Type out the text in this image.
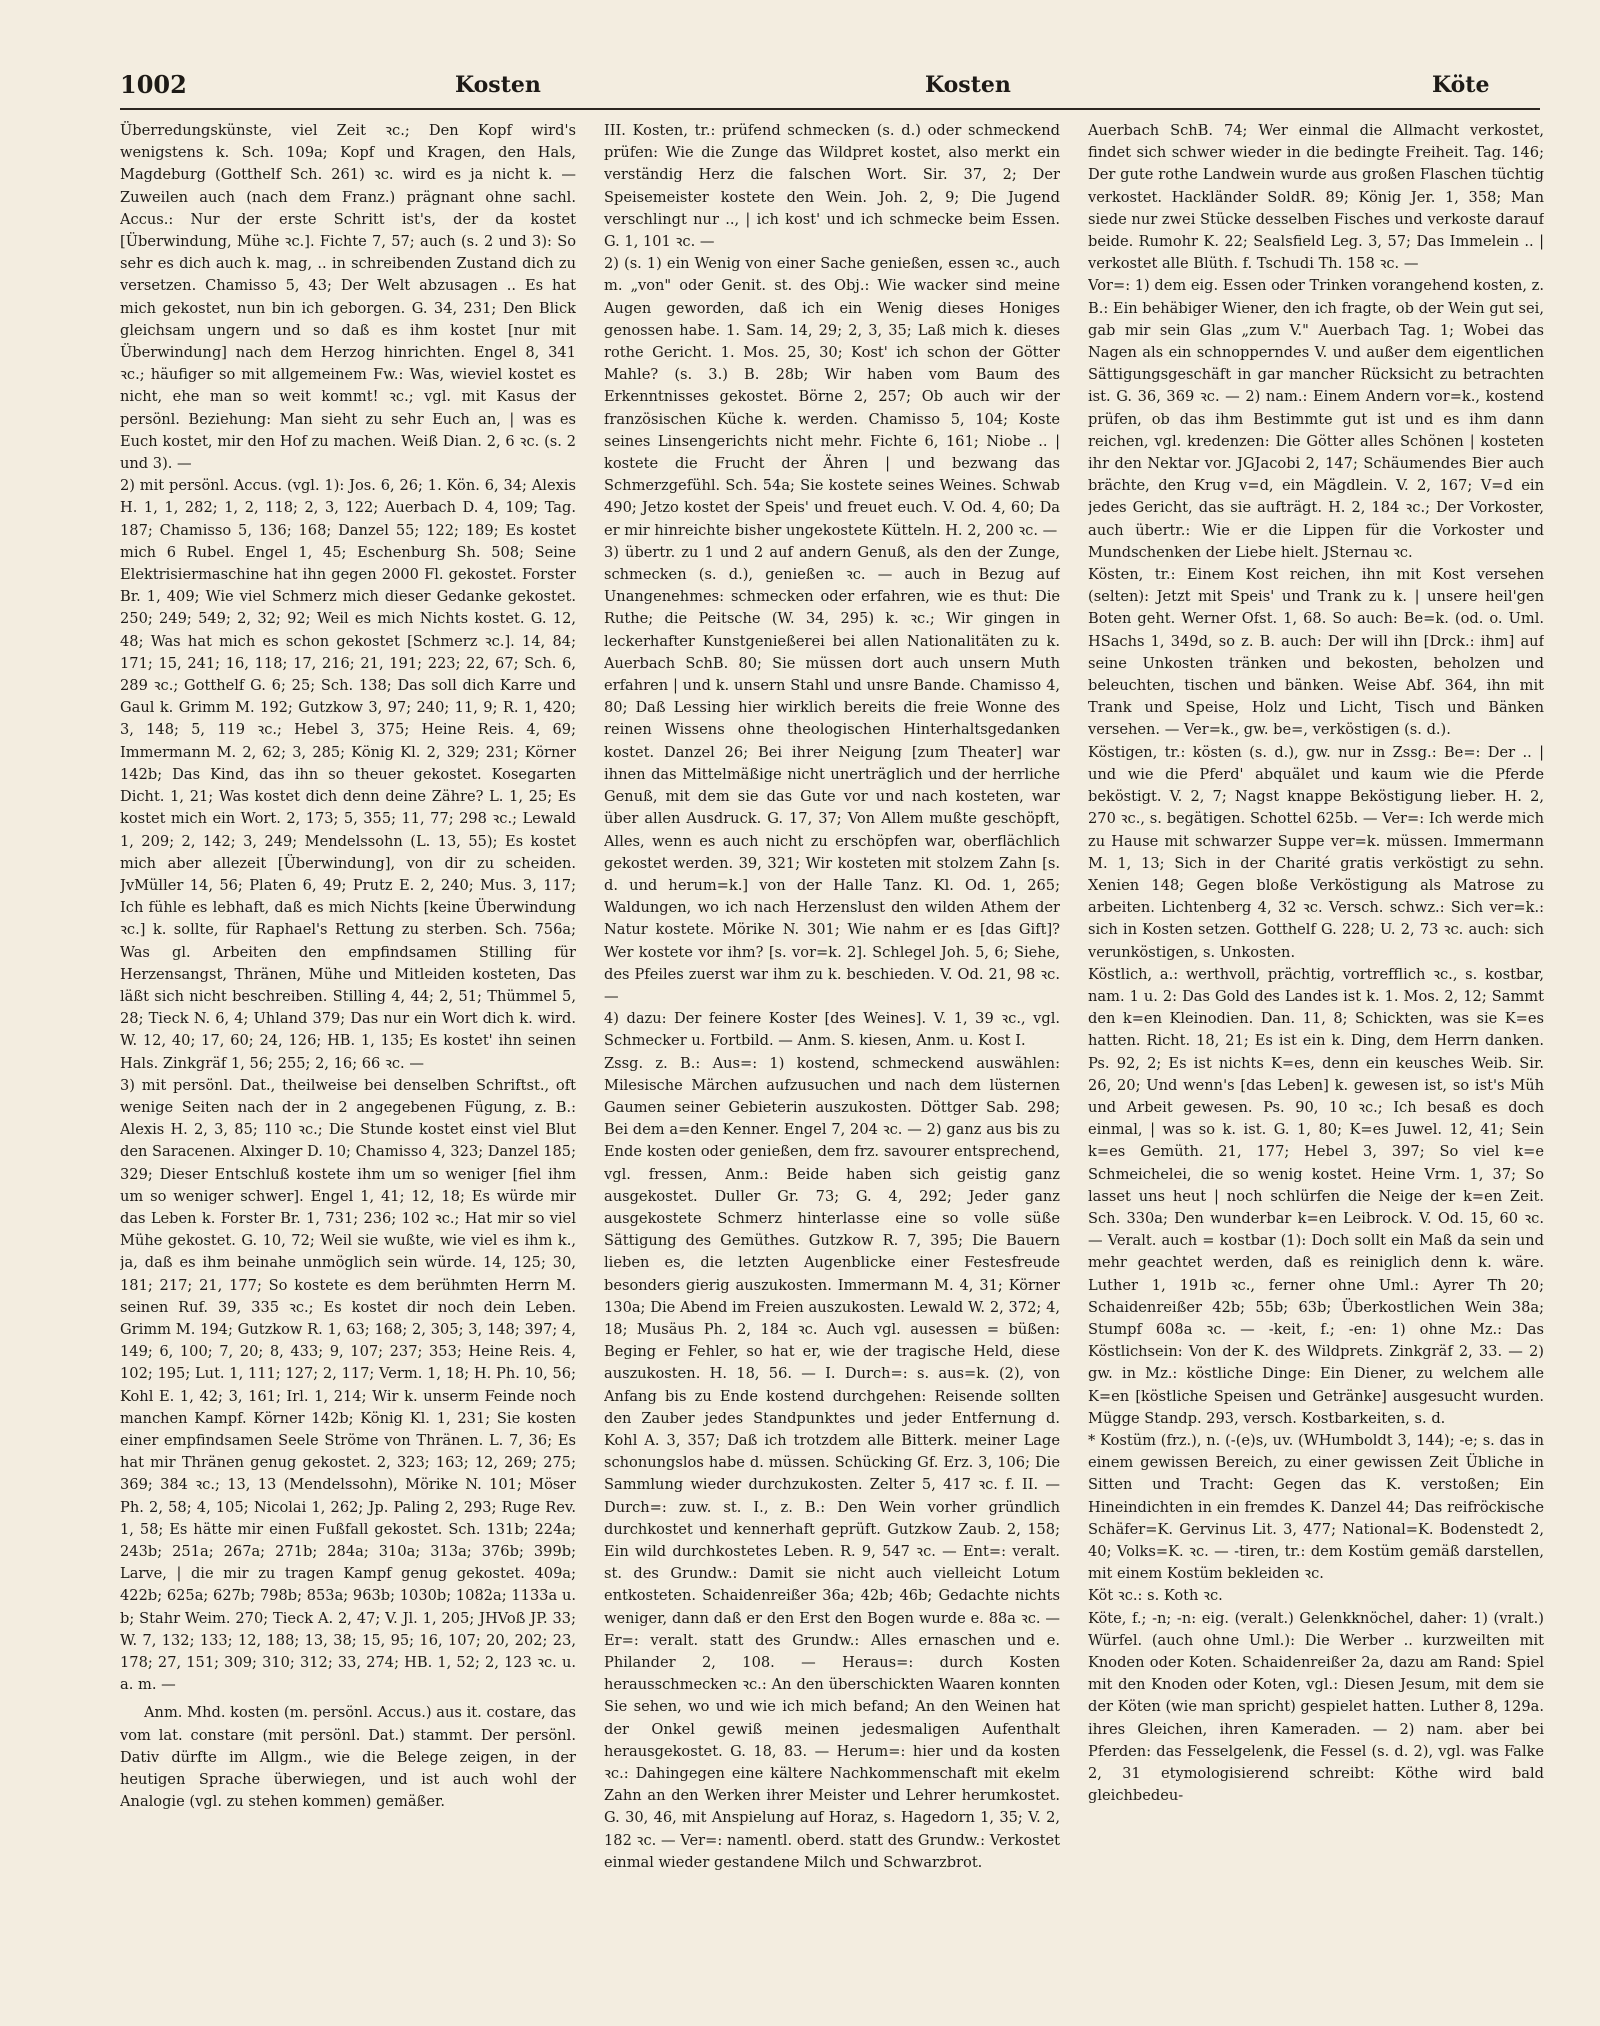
1002	Kosten	Kosten	Köte

Überredungskünste, viel Zeit ꝛc.; Den Kopf wird's wenigstens k. Sch. 109a; Kopf und Kragen, den Hals, Magdeburg (Gotthelf Sch. 261) ꝛc. wird es ja nicht k. — Zuweilen auch (nach dem Franz.) prägnant ohne sachl. Accus.: Nur der erste Schritt ist's, der da kostet [Überwindung, Mühe ꝛc.]. Fichte 7, 57; auch (s. 2 und 3): So sehr es dich auch k. mag, .. in schreibenden Zustand dich zu versetzen. Chamisso 5, 43; Der Welt abzusagen .. Es hat mich gekostet, nun bin ich geborgen. G. 34, 231; Den Blick gleichsam ungern und so daß es ihm kostet [nur mit Überwindung] nach dem Herzog hinrichten. Engel 8, 341 ꝛc.; häufiger so mit allgemeinem Fw.: Was, wieviel kostet es nicht, ehe man so weit kommt! ꝛc.; vgl. mit Kasus der persönl. Beziehung: Man sieht zu sehr Euch an, | was es Euch kostet, mir den Hof zu machen. Weiß Dian. 2, 6 ꝛc. (s. 2 und 3). —

2) mit persönl. Accus. (vgl. 1): Jos. 6, 26; 1. Kön. 6, 34; Alexis H. 1, 1, 282; 1, 2, 118; 2, 3, 122; Auerbach D. 4, 109; Tag. 187; Chamisso 5, 136; 168; Danzel 55; 122; 189; Es kostet mich 6 Rubel. Engel 1, 45; Eschenburg Sh. 508; Seine Elektrisiermaschine hat ihn gegen 2000 Fl. gekostet. Forster Br. 1, 409; Wie viel Schmerz mich dieser Gedanke gekostet. 250; 249; 549; 2, 32; 92; Weil es mich Nichts kostet. G. 12, 48; Was hat mich es schon gekostet [Schmerz ꝛc.]. 14, 84; 171; 15, 241; 16, 118; 17, 216; 21, 191; 223; 22, 67; Sch. 6, 289 ꝛc.; Gotthelf G. 6; 25; Sch. 138; Das soll dich Karre und Gaul k. Grimm M. 192; Gutzkow 3, 97; 240; 11, 9; R. 1, 420; 3, 148; 5, 119 ꝛc.; Hebel 3, 375; Heine Reis. 4, 69; Immermann M. 2, 62; 3, 285; König Kl. 2, 329; 231; Körner 142b; Das Kind, das ihn so theuer gekostet. Kosegarten Dicht. 1, 21; Was kostet dich denn deine Zähre? L. 1, 25; Es kostet mich ein Wort. 2, 173; 5, 355; 11, 77; 298 ꝛc.; Lewald 1, 209; 2, 142; 3, 249; Mendelssohn (L. 13, 55); Es kostet mich aber allezeit [Überwindung], von dir zu scheiden. JvMüller 14, 56; Platen 6, 49; Prutz E. 2, 240; Mus. 3, 117; Ich fühle es lebhaft, daß es mich Nichts [keine Überwindung ꝛc.] k. sollte, für Raphael's Rettung zu sterben. Sch. 756a; Was gl. Arbeiten den empfindsamen Stilling für Herzensangst, Thränen, Mühe und Mitleiden kosteten, Das läßt sich nicht beschreiben. Stilling 4, 44; 2, 51; Thümmel 5, 28; Tieck N. 6, 4; Uhland 379; Das nur ein Wort dich k. wird. W. 12, 40; 17, 60; 24, 126; HB. 1, 135; Es kostet' ihn seinen Hals. Zinkgräf 1, 56; 255; 2, 16; 66 ꝛc. —

3) mit persönl. Dat., theilweise bei denselben Schriftst., oft wenige Seiten nach der in 2 angegebenen Fügung, z. B.: Alexis H. 2, 3, 85; 110 ꝛc.; Die Stunde kostet einst viel Blut den Saracenen. Alxinger D. 10; Chamisso 4, 323; Danzel 185; 329; Dieser Entschluß kostete ihm um so weniger [fiel ihm um so weniger schwer]. Engel 1, 41; 12, 18; Es würde mir das Leben k. Forster Br. 1, 731; 236; 102 ꝛc.; Hat mir so viel Mühe gekostet. G. 10, 72; Weil sie wußte, wie viel es ihm k., ja, daß es ihm beinahe unmöglich sein würde. 14, 125; 30, 181; 217; 21, 177; So kostete es dem berühmten Herrn M. seinen Ruf. 39, 335 ꝛc.; Es kostet dir noch dein Leben. Grimm M. 194; Gutzkow R. 1, 63; 168; 2, 305; 3, 148; 397; 4, 149; 6, 100; 7, 20; 8, 433; 9, 107; 237; 353; Heine Reis. 4, 102; 195; Lut. 1, 111; 127; 2, 117; Verm. 1, 18; H. Ph. 10, 56; Kohl E. 1, 42; 3, 161; Irl. 1, 214; Wir k. unserm Feinde noch manchen Kampf. Körner 142b; König Kl. 1, 231; Sie kosten einer empfindsamen Seele Ströme von Thränen. L. 7, 36; Es hat mir Thränen genug gekostet. 2, 323; 163; 12, 269; 275; 369; 384 ꝛc.; 13, 13 (Mendelssohn), Mörike N. 101; Möser Ph. 2, 58; 4, 105; Nicolai 1, 262; Jp. Paling 2, 293; Ruge Rev. 1, 58; Es hätte mir einen Fußfall gekostet. Sch. 131b; 224a; 243b; 251a; 267a; 271b; 284a; 310a; 313a; 376b; 399b; Larve, | die mir zu tragen Kampf genug gekostet. 409a; 422b; 625a; 627b; 798b; 853a; 963b; 1030b; 1082a; 1133a u. b; Stahr Weim. 270; Tieck A. 2, 47; V. Jl. 1, 205; JHVoß JP. 33; W. 7, 132; 133; 12, 188; 13, 38; 15, 95; 16, 107; 20, 202; 23, 178; 27, 151; 309; 310; 312; 33, 274; HB. 1, 52; 2, 123 ꝛc. u. a. m. —

Anm. Mhd. kosten (m. persönl. Accus.) aus it. costare, das vom lat. constare (mit persönl. Dat.) stammt. Der persönl. Dativ dürfte im Allgm., wie die Belege zeigen, in der heutigen Sprache überwiegen, und ist auch wohl der Analogie (vgl. zu stehen kommen) gemäßer.

III. Kosten, tr.: prüfend schmecken (s. d.) oder schmeckend prüfen: Wie die Zunge das Wildpret kostet, also merkt ein verständig Herz die falschen Wort. Sir. 37, 2; Der Speisemeister kostete den Wein. Joh. 2, 9; Die Jugend verschlingt nur .., | ich kost' und ich schmecke beim Essen. G. 1, 101 ꝛc. —

2) (s. 1) ein Wenig von einer Sache genießen, essen ꝛc., auch m. „von" oder Genit. st. des Obj.: Wie wacker sind meine Augen geworden, daß ich ein Wenig dieses Honiges genossen habe. 1. Sam. 14, 29; 2, 3, 35; Laß mich k. dieses rothe Gericht. 1. Mos. 25, 30; Kost' ich schon der Götter Mahle? (s. 3.) B. 28b; Wir haben vom Baum des Erkenntnisses gekostet. Börne 2, 257; Ob auch wir der französischen Küche k. werden. Chamisso 5, 104; Koste seines Linsengerichts nicht mehr. Fichte 6, 161; Niobe .. | kostete die Frucht der Ähren | und bezwang das Schmerzgefühl. Sch. 54a; Sie kostete seines Weines. Schwab 490; Jetzo kostet der Speis' und freuet euch. V. Od. 4, 60; Da er mir hinreichte bisher ungekostete Kütteln. H. 2, 200 ꝛc. —

3) übertr. zu 1 und 2 auf andern Genuß, als den der Zunge, schmecken (s. d.), genießen ꝛc. — auch in Bezug auf Unangenehmes: schmecken oder erfahren, wie es thut: Die Ruthe; die Peitsche (W. 34, 295) k. ꝛc.; Wir gingen in leckerhafter Kunstgenießerei bei allen Nationalitäten zu k. Auerbach SchB. 80; Sie müssen dort auch unsern Muth erfahren | und k. unsern Stahl und unsre Bande. Chamisso 4, 80; Daß Lessing hier wirklich bereits die freie Wonne des reinen Wissens ohne theologischen Hinterhaltsgedanken kostet. Danzel 26; Bei ihrer Neigung [zum Theater] war ihnen das Mittelmäßige nicht unerträglich und der herrliche Genuß, mit dem sie das Gute vor und nach kosteten, war über allen Ausdruck. G. 17, 37; Von Allem mußte geschöpft, Alles, wenn es auch nicht zu erschöpfen war, oberflächlich gekostet werden. 39, 321; Wir kosteten mit stolzem Zahn [s. d. und herum=k.] von der Halle Tanz. Kl. Od. 1, 265; Waldungen, wo ich nach Herzenslust den wilden Athem der Natur kostete. Mörike N. 301; Wie nahm er es [das Gift]? Wer kostete vor ihm? [s. vor=k. 2]. Schlegel Joh. 5, 6; Siehe, des Pfeiles zuerst war ihm zu k. beschieden. V. Od. 21, 98 ꝛc. —

4) dazu: Der feinere Koster [des Weines]. V. 1, 39 ꝛc., vgl. Schmecker u. Fortbild. — Anm. S. kiesen, Anm. u. Kost I.

Zssg. z. B.: Aus=: 1) kostend, schmeckend auswählen: Milesische Märchen aufzusuchen und nach dem lüsternen Gaumen seiner Gebieterin auszukosten. Döttger Sab. 298; Bei dem a=den Kenner. Engel 7, 204 ꝛc. — 2) ganz aus bis zu Ende kosten oder genießen, dem frz. savourer entsprechend, vgl. fressen, Anm.: Beide haben sich geistig ganz ausgekostet. Duller Gr. 73; G. 4, 292; Jeder ganz ausgekostete Schmerz hinterlasse eine so volle süße Sättigung des Gemüthes. Gutzkow R. 7, 395; Die Bauern lieben es, die letzten Augenblicke einer Festesfreude besonders gierig auszukosten. Immermann M. 4, 31; Körner 130a; Die Abend im Freien auszukosten. Lewald W. 2, 372; 4, 18; Musäus Ph. 2, 184 ꝛc. Auch vgl. ausessen = büßen: Beging er Fehler, so hat er, wie der tragische Held, diese auszukosten. H. 18, 56. — I. Durch=: s. aus=k. (2), von Anfang bis zu Ende kostend durchgehen: Reisende sollten den Zauber jedes Standpunktes und jeder Entfernung d. Kohl A. 3, 357; Daß ich trotzdem alle Bitterk. meiner Lage schonungslos habe d. müssen. Schücking Gf. Erz. 3, 106; Die Sammlung wieder durchzukosten. Zelter 5, 417 ꝛc. f. II. — Durch=: zuw. st. I., z. B.: Den Wein vorher gründlich durchkostet und kennerhaft geprüft. Gutzkow Zaub. 2, 158; Ein wild durchkostetes Leben. R. 9, 547 ꝛc. — Ent=: veralt. st. des Grundw.: Damit sie nicht auch vielleicht Lotum entkosteten. Schaidenreißer 36a; 42b; 46b; Gedachte nichts weniger, dann daß er den Erst den Bogen wurde e. 88a ꝛc. — Er=: veralt. statt des Grundw.: Alles ernaschen und e. Philander 2, 108. — Heraus=: durch Kosten herausschmecken ꝛc.: An den überschickten Waaren konnten Sie sehen, wo und wie ich mich befand; An den Weinen hat der Onkel gewiß meinen jedesmaligen Aufenthalt herausgekostet. G. 18, 83. — Herum=: hier und da kosten ꝛc.: Dahingegen eine kältere Nachkommenschaft mit ekelm Zahn an den Werken ihrer Meister und Lehrer herumkostet. G. 30, 46, mit Anspielung auf Horaz, s. Hagedorn 1, 35; V. 2, 182 ꝛc. — Ver=: namentl. oberd. statt des Grundw.: Verkostet einmal wieder gestandene Milch und Schwarzbrot.

Auerbach SchB. 74; Wer einmal die Allmacht verkostet, findet sich schwer wieder in die bedingte Freiheit. Tag. 146; Der gute rothe Landwein wurde aus großen Flaschen tüchtig verkostet. Hackländer SoldR. 89; König Jer. 1, 358; Man siede nur zwei Stücke desselben Fisches und verkoste darauf beide. Rumohr K. 22; Sealsfield Leg. 3, 57; Das Immelein .. | verkostet alle Blüth. f. Tschudi Th. 158 ꝛc. —

Vor=: 1) dem eig. Essen oder Trinken vorangehend kosten, z. B.: Ein behäbiger Wiener, den ich fragte, ob der Wein gut sei, gab mir sein Glas „zum V." Auerbach Tag. 1; Wobei das Nagen als ein schnopperndes V. und außer dem eigentlichen Sättigungsgeschäft in gar mancher Rücksicht zu betrachten ist. G. 36, 369 ꝛc. — 2) nam.: Einem Andern vor=k., kostend prüfen, ob das ihm Bestimmte gut ist und es ihm dann reichen, vgl. kredenzen: Die Götter alles Schönen | kosteten ihr den Nektar vor. JGJacobi 2, 147; Schäumendes Bier auch brächte, den Krug v=d, ein Mägdlein. V. 2, 167; V=d ein jedes Gericht, das sie aufträgt. H. 2, 184 ꝛc.; Der Vorkoster, auch übertr.: Wie er die Lippen für die Vorkoster und Mundschenken der Liebe hielt. JSternau ꝛc.

Kösten, tr.: Einem Kost reichen, ihn mit Kost versehen (selten): Jetzt mit Speis' und Trank zu k. | unsere heil'gen Boten geht. Werner Ofst. 1, 68. So auch: Be=k. (od. o. Uml. HSachs 1, 349d, so z. B. auch: Der will ihn [Drck.: ihm] auf seine Unkosten tränken und bekosten, beholzen und beleuchten, tischen und bänken. Weise Abf. 364, ihn mit Trank und Speise, Holz und Licht, Tisch und Bänken versehen. — Ver=k., gw. be=, verköstigen (s. d.).

Köstigen, tr.: kösten (s. d.), gw. nur in Zssg.: Be=: Der .. | und wie die Pferd' abquälet und kaum wie die Pferde beköstigt. V. 2, 7; Nagst knappe Beköstigung lieber. H. 2, 270 ꝛc., s. begätigen. Schottel 625b. — Ver=: Ich werde mich zu Hause mit schwarzer Suppe ver=k. müssen. Immermann M. 1, 13; Sich in der Charité gratis verköstigt zu sehn. Xenien 148; Gegen bloße Verköstigung als Matrose zu arbeiten. Lichtenberg 4, 32 ꝛc. Versch. schwz.: Sich ver=k.: sich in Kosten setzen. Gotthelf G. 228; U. 2, 73 ꝛc. auch: sich verunköstigen, s. Unkosten.

Köstlich, a.: werthvoll, prächtig, vortrefflich ꝛc., s. kostbar, nam. 1 u. 2: Das Gold des Landes ist k. 1. Mos. 2, 12; Sammt den k=en Kleinodien. Dan. 11, 8; Schickten, was sie K=es hatten. Richt. 18, 21; Es ist ein k. Ding, dem Herrn danken. Ps. 92, 2; Es ist nichts K=es, denn ein keusches Weib. Sir. 26, 20; Und wenn's [das Leben] k. gewesen ist, so ist's Müh und Arbeit gewesen. Ps. 90, 10 ꝛc.; Ich besaß es doch einmal, | was so k. ist. G. 1, 80; K=es Juwel. 12, 41; Sein k=es Gemüth. 21, 177; Hebel 3, 397; So viel k=e Schmeichelei, die so wenig kostet. Heine Vrm. 1, 37; So lasset uns heut | noch schlürfen die Neige der k=en Zeit. Sch. 330a; Den wunderbar k=en Leibrock. V. Od. 15, 60 ꝛc. — Veralt. auch = kostbar (1): Doch sollt ein Maß da sein und mehr geachtet werden, daß es reiniglich denn k. wäre. Luther 1, 191b ꝛc., ferner ohne Uml.: Ayrer Th 20; Schaidenreißer 42b; 55b; 63b; Überkostlichen Wein 38a; Stumpf 608a ꝛc. — -keit, f.; -en: 1) ohne Mz.: Das Köstlichsein: Von der K. des Wildprets. Zinkgräf 2, 33. — 2) gw. in Mz.: köstliche Dinge: Ein Diener, zu welchem alle K=en [köstliche Speisen und Getränke] ausgesucht wurden. Mügge Standp. 293, versch. Kostbarkeiten, s. d.

* Kostüm (frz.), n. (-(e)s, uv. (WHumboldt 3, 144); -e; s. das in einem gewissen Bereich, zu einer gewissen Zeit Übliche in Sitten und Tracht: Gegen das K. verstoßen; Ein Hineindichten in ein fremdes K. Danzel 44; Das reifröckische Schäfer=K. Gervinus Lit. 3, 477; National=K. Bodenstedt 2, 40; Volks=K. ꝛc. — -tiren, tr.: dem Kostüm gemäß darstellen, mit einem Kostüm bekleiden ꝛc.

Köt ꝛc.: s. Koth ꝛc.

Köte, f.; -n; -n: eig. (veralt.) Gelenkknöchel, daher: 1) (vralt.) Würfel. (auch ohne Uml.): Die Werber .. kurzweilten mit Knoden oder Koten. Schaidenreißer 2a, dazu am Rand: Spiel mit den Knoden oder Koten, vgl.: Diesen Jesum, mit dem sie der Köten (wie man spricht) gespielet hatten. Luther 8, 129a. ihres Gleichen, ihren Kameraden. — 2) nam. aber bei Pferden: das Fesselgelenk, die Fessel (s. d. 2), vgl. was Falke 2, 31 etymologisierend schreibt: Köthe wird bald gleichbedeu-
